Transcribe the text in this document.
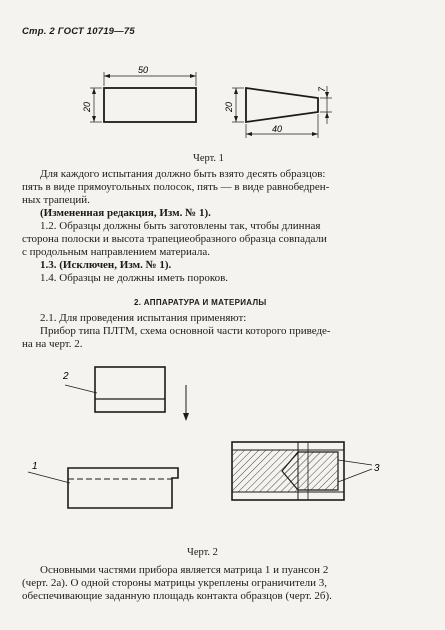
Стр. 2 ГОСТ 10719—75
50
20	20
7
40
Черт. 1
Для каждого испытания должно быть взято десять образцов:
пять в виде прямоугольных полосок, пять — в виде равнобедрен-
ных трапеций.
(Измененная редакция, Изм. № 1).
1.2. Образцы должны быть заготовлены так, чтобы длинная
сторона полоски и высота трапециеобразного образца совпадали
с продольным направлением материала.
1.3. (Исключен, Изм. № 1).
1.4. Образцы не должны иметь пороков.
2. АППАРАТУРА И МАТЕРИАЛЫ
2.1. Для проведения испытания применяют:
Прибор типа ПЛТМ, схема основной части которого приведе-
на на черт. 2.
2
1	3
Черт. 2
Основными частями прибора является матрица 1 и пуансон 2
(черт. 2а). О одной стороны матрицы укреплены ограничители 3,
обеспечивающие заданную площадь контакта образцов (черт. 2б).
